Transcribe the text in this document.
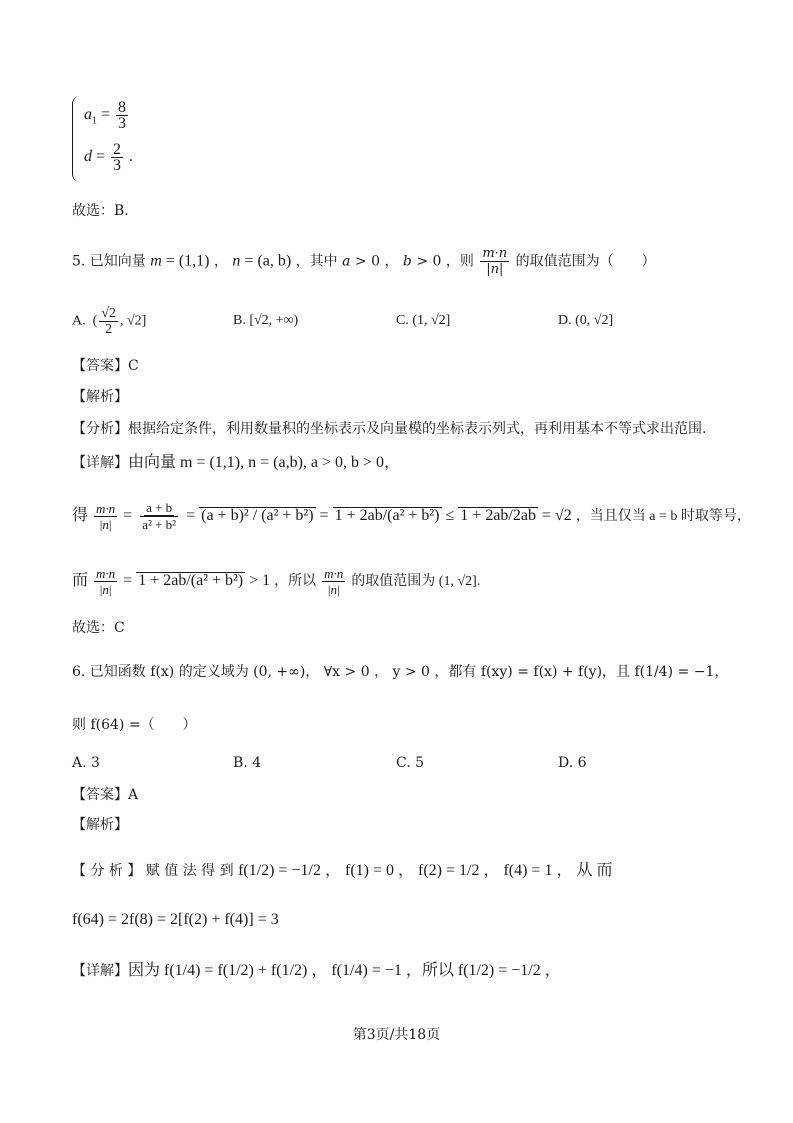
$a_1 = \frac{8}{3}$
$d = \frac{2}{3}$ .
故选：B．
5. 已知向量 m = (1,1) ， n = (a, b) ，其中 a > 0 ， b > 0 ，则 $\frac{m\cdot n}{|n|}$ 的取值范围为（　　）
A.  ( $\frac{√2}{2}$ , √2]	B. [√2, +∞)	C. (1, √2]	D. (0, √2]
【答案】C
【解析】
【分析】根据给定条件，利用数量积的坐标表示及向量模的坐标表示列式，再利用基本不等式求出范围.
【详解】由向量 m = (1,1), n = (a,b), a > 0, b > 0，
得 $\frac{m\cdot n}{|n|} = \frac{a + b}{\text{a² + b²}} = (a + b)^2 / (a^2 + b^2) = 1 + 2ab/(a^2 + b^2) \le 1 + 2ab/2ab = √2$ ，当且仅当 a = b 时取等号，
而 $\frac{m\cdot n}{|n|} = 1 + 2ab/(a^2 + b^2) > 1$ ，所以 $\frac{m\cdot n}{|n|}$ 的取值范围为 (1, √2].
故选：C
6. 已知函数 f(x) 的定义域为 (0, +∞)， ∀x > 0 ， y > 0 ，都有 f(xy) = f(x) + f(y)，且 f(1/4) = −1，
则 f(64) =（　　）
A. 3	B. 4	C. 5	D. 6
【答案】A
【解析】
【 分 析 】 赋 值 法 得 到 f(1/2) = −1/2 ， f(1) = 0 ， f(2) = 1/2 ， f(4) = 1 ， 从 而
f(64) = 2f(8) = 2[f(2) + f(4)] = 3
【详解】因为 f(1/4) = f(1/2) + f(1/2) ， f(1/4) = −1 ，所以 f(1/2) = −1/2 ，
第3页/共18页
